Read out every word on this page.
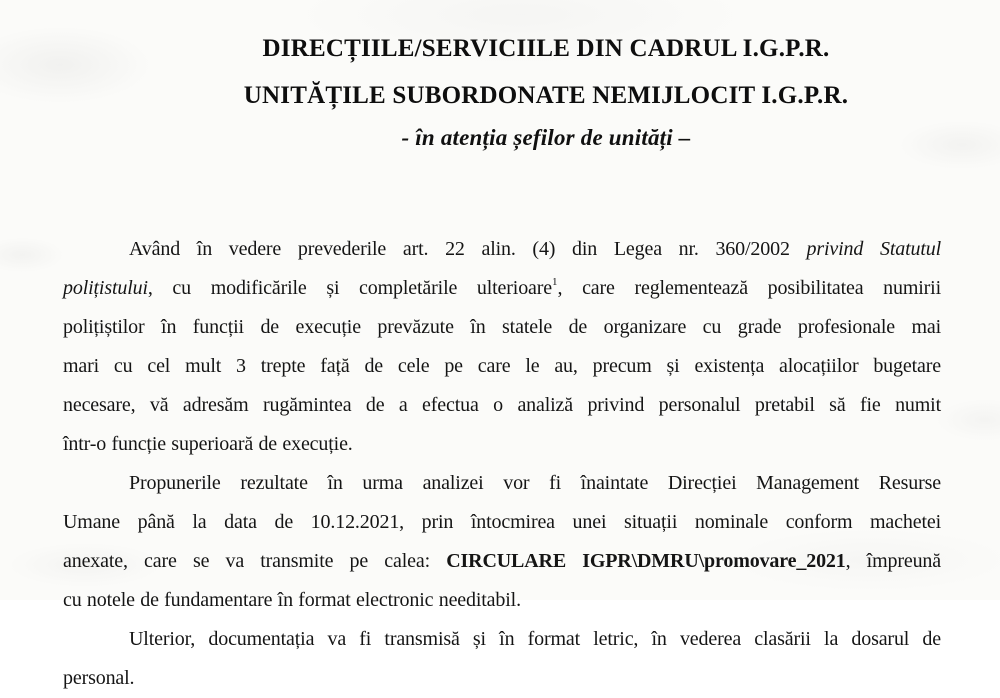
DIRECȚIILE/SERVICIILE DIN CADRUL I.G.P.R.
UNITĂȚILE SUBORDONATE NEMIJLOCIT I.G.P.R.
- în atenția șefilor de unități –
Având în vedere prevederile art. 22 alin. (4) din Legea nr. 360/2002 privind Statutul
polițistului, cu modificările și completările ulterioare$^1$, care reglementează posibilitatea numirii
polițiștilor în funcții de execuție prevăzute în statele de organizare cu grade profesionale mai
mari cu cel mult 3 trepte față de cele pe care le au, precum și existența alocațiilor bugetare
necesare, vă adresăm rugămintea de a efectua o analiză privind personalul pretabil să fie numit
într-o funcție superioară de execuție.
Propunerile rezultate în urma analizei vor fi înaintate Direcției Management Resurse
Umane până la data de 10.12.2021, prin întocmirea unei situații nominale conform machetei
anexate, care se va transmite pe calea: CIRCULARE IGPR\DMRU\promovare_2021, împreună
cu notele de fundamentare în format electronic needitabil.
Ulterior, documentația va fi transmisă și în format letric, în vederea clasării la dosarul de
personal.
